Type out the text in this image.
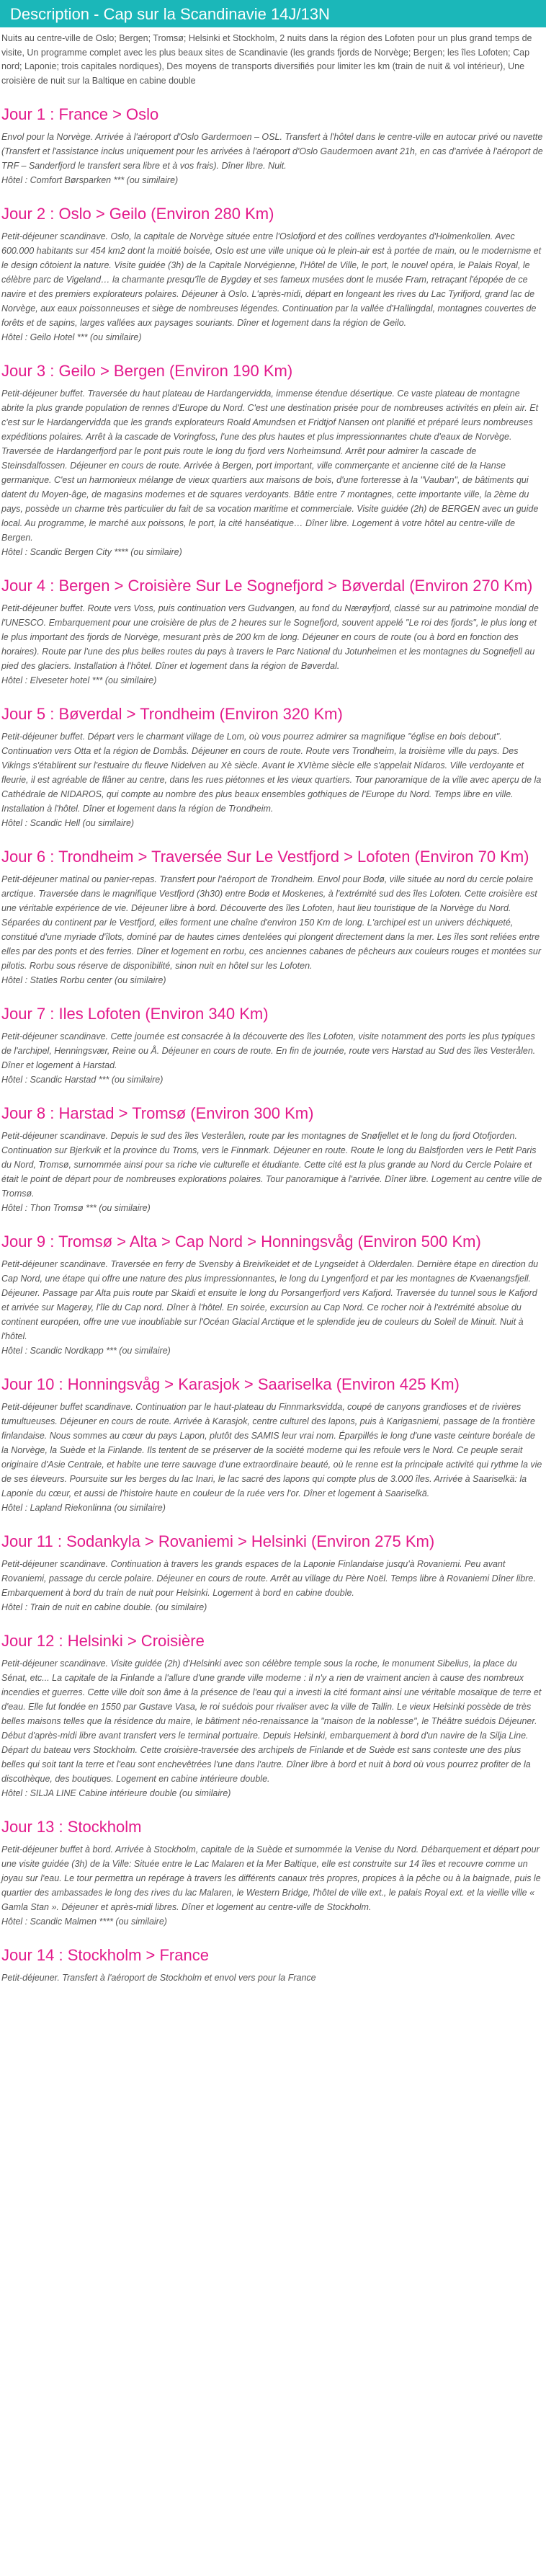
Description - Cap sur la Scandinavie 14J/13N

Nuits au centre-ville de Oslo; Bergen; Tromsø; Helsinki et Stockholm, 2 nuits dans la région des Lofoten pour un plus grand temps de visite, Un programme complet avec les plus beaux sites de Scandinavie (les grands fjords de Norvège; Bergen; les îles Lofoten; Cap nord; Laponie; trois capitales nordiques), Des moyens de transports diversifiés pour limiter les km (train de nuit & vol intérieur), Une croisière de nuit sur la Baltique en cabine double

Jour 1 : France > Oslo

Envol pour la Norvège. Arrivée à l'aéroport d'Oslo Gardermoen – OSL. Transfert à l'hôtel dans le centre-ville en autocar privé ou navette (Transfert et l'assistance inclus uniquement pour les arrivées à l'aéroport d'Oslo Gaudermoen avant 21h, en cas d'arrivée à l'aéroport de TRF – Sanderfjord le transfert sera libre et à vos frais). Dîner libre. Nuit.

Hôtel : Comfort Børsparken *** (ou similaire)

Jour 2 : Oslo > Geilo (Environ 280 Km)

Petit-déjeuner scandinave. Oslo, la capitale de Norvège située entre l'Oslofjord et des collines verdoyantes d'Holmenkollen. Avec 600.000 habitants sur 454 km2 dont la moitié boisée, Oslo est une ville unique où le plein-air est à portée de main, ou le modernisme et le design côtoient la nature. Visite guidée (3h) de la Capitale Norvégienne, l'Hôtel de Ville, le port, le nouvel opéra, le Palais Royal, le célèbre parc de Vigeland… la charmante presqu'île de Bygdøy et ses fameux musées dont le musée Fram, retraçant l'épopée de ce navire et des premiers explorateurs polaires. Déjeuner à Oslo. L'après-midi, départ en longeant les rives du Lac Tyrifjord, grand lac de Norvège, aux eaux poissonneuses et siège de nombreuses légendes. Continuation par la vallée d'Hallingdal, montagnes couvertes de forêts et de sapins, larges vallées aux paysages souriants. Dîner et logement dans la région de Geilo.

Hôtel : Geilo Hotel *** (ou similaire)

Jour 3 : Geilo > Bergen (Environ 190 Km)

Petit-déjeuner buffet. Traversée du haut plateau de Hardangervidda, immense étendue désertique. Ce vaste plateau de montagne abrite la plus grande population de rennes d'Europe du Nord. C'est une destination prisée pour de nombreuses activités en plein air. Et c'est sur le Hardangervidda que les grands explorateurs Roald Amundsen et Fridtjof Nansen ont planifié et préparé leurs nombreuses expéditions polaires. Arrêt à la cascade de Voringfoss, l'une des plus hautes et plus impressionnantes chute d'eaux de Norvège. Traversée de Hardangerfjord par le pont puis route le long du fjord vers Norheimsund. Arrêt pour admirer la cascade de Steinsdalfossen. Déjeuner en cours de route. Arrivée à Bergen, port important, ville commerçante et ancienne cité de la Hanse germanique. C'est un harmonieux mélange de vieux quartiers aux maisons de bois, d'une forteresse à la "Vauban", de bâtiments qui datent du Moyen-âge, de magasins modernes et de squares verdoyants. Bâtie entre 7 montagnes, cette importante ville, la 2ème du pays, possède un charme très particulier du fait de sa vocation maritime et commerciale. Visite guidée (2h) de BERGEN avec un guide local. Au programme, le marché aux poissons, le port, la cité hanséatique… Dîner libre. Logement à votre hôtel au centre-ville de Bergen.

Hôtel : Scandic Bergen City **** (ou similaire)

Jour 4 : Bergen > Croisière Sur Le Sognefjord > Bøverdal (Environ 270 Km)

Petit-déjeuner buffet. Route vers Voss, puis continuation vers Gudvangen, au fond du Nærøyfjord, classé sur au patrimoine mondial de l'UNESCO. Embarquement pour une croisière de plus de 2 heures sur le Sognefjord, souvent appelé "Le roi des fjords", le plus long et le plus important des fjords de Norvège, mesurant près de 200 km de long. Déjeuner en cours de route (ou à bord en fonction des horaires). Route par l'une des plus belles routes du pays à travers le Parc National du Jotunheimen et les montagnes du Sognefjell au pied des glaciers. Installation à l'hôtel. Dîner et logement dans la région de Bøverdal.

Hôtel : Elveseter hotel *** (ou similaire)

Jour 5 : Bøverdal > Trondheim (Environ 320 Km)

Petit-déjeuner buffet. Départ vers le charmant village de Lom, où vous pourrez admirer sa magnifique "église en bois debout". Continuation vers Otta et la région de Dombås. Déjeuner en cours de route. Route vers Trondheim, la troisième ville du pays. Des Vikings s'établirent sur l'estuaire du fleuve Nidelven au Xè siècle. Avant le XVIème siècle elle s'appelait Nidaros. Ville verdoyante et fleurie, il est agréable de flâner au centre, dans les rues piétonnes et les vieux quartiers. Tour panoramique de la ville avec aperçu de la Cathédrale de NIDAROS, qui compte au nombre des plus beaux ensembles gothiques de l'Europe du Nord. Temps libre en ville. Installation à l'hôtel. Dîner et logement dans la région de Trondheim.

Hôtel : Scandic Hell (ou similaire)

Jour 6 : Trondheim > Traversée Sur Le Vestfjord > Lofoten (Environ 70 Km)

Petit-déjeuner matinal ou panier-repas. Transfert pour l'aéroport de Trondheim. Envol pour Bodø, ville située au nord du cercle polaire arctique. Traversée dans le magnifique Vestfjord (3h30) entre Bodø et Moskenes, à l'extrémité sud des îles Lofoten. Cette croisière est une véritable expérience de vie. Déjeuner libre à bord. Découverte des îles Lofoten, haut lieu touristique de la Norvège du Nord. Séparées du continent par le Vestfjord, elles forment une chaîne d'environ 150 Km de long. L'archipel est un univers déchiqueté, constitué d'une myriade d'îlots, dominé par de hautes cimes dentelées qui plongent directement dans la mer. Les îles sont reliées entre elles par des ponts et des ferries. Dîner et logement en rorbu, ces anciennes cabanes de pêcheurs aux couleurs rouges et montées sur pilotis. Rorbu sous réserve de disponibilité, sinon nuit en hôtel sur les Lofoten.

Hôtel : Statles Rorbu center (ou similaire)

Jour 7 : Iles Lofoten (Environ 340 Km)

Petit-déjeuner scandinave. Cette journée est consacrée à la découverte des îles Lofoten, visite notamment des ports les plus typiques de l'archipel, Henningsvær, Reine ou Å. Déjeuner en cours de route. En fin de journée, route vers Harstad au Sud des îles Vesterålen. Dîner et logement à Harstad.

Hôtel : Scandic Harstad *** (ou similaire)

Jour 8 : Harstad > Tromsø (Environ 300 Km)

Petit-déjeuner scandinave. Depuis le sud des îles Vesterålen, route par les montagnes de Snøfjellet et le long du fjord Otofjorden. Continuation sur Bjerkvik et la province du Troms, vers le Finnmark. Déjeuner en route. Route le long du Balsfjorden vers le Petit Paris du Nord, Tromsø, surnommée ainsi pour sa riche vie culturelle et étudiante. Cette cité est la plus grande au Nord du Cercle Polaire et était le point de départ pour de nombreuses explorations polaires. Tour panoramique à l'arrivée. Dîner libre. Logement au centre ville de Tromsø.

Hôtel : Thon Tromsø *** (ou similaire)

Jour 9 : Tromsø > Alta > Cap Nord > Honningsvåg (Environ 500 Km)

Petit-déjeuner scandinave. Traversée en ferry de Svensby à Breivikeidet et de Lyngseidet à Olderdalen. Dernière étape en direction du Cap Nord, une étape qui offre une nature des plus impressionnantes, le long du Lyngenfjord et par les montagnes de Kvaenangsfjell. Déjeuner. Passage par Alta puis route par Skaidi et ensuite le long du Porsangerfjord vers Kafjord. Traversée du tunnel sous le Kafjord et arrivée sur Magerøy, l'île du Cap nord. Dîner à l'hôtel. En soirée, excursion au Cap Nord. Ce rocher noir à l'extrémité absolue du continent européen, offre une vue inoubliable sur l'Océan Glacial Arctique et le splendide jeu de couleurs du Soleil de Minuit. Nuit à l'hôtel.

Hôtel : Scandic Nordkapp *** (ou similaire)

Jour 10 : Honningsvåg > Karasjok > Saariselka (Environ 425 Km)

Petit-déjeuner buffet scandinave. Continuation par le haut-plateau du Finnmarksvidda, coupé de canyons grandioses et de rivières tumultueuses. Déjeuner en cours de route. Arrivée à Karasjok, centre culturel des lapons, puis à Karigasniemi, passage de la frontière finlandaise. Nous sommes au cœur du pays Lapon, plutôt des SAMIS leur vrai nom. Éparpillés le long d'une vaste ceinture boréale de la Norvège, la Suède et la Finlande. Ils tentent de se préserver de la société moderne qui les refoule vers le Nord. Ce peuple serait originaire d'Asie Centrale, et habite une terre sauvage d'une extraordinaire beauté, où le renne est la principale activité qui rythme la vie de ses éleveurs. Poursuite sur les berges du lac Inari, le lac sacré des lapons qui compte plus de 3.000 îles. Arrivée à Saariselkä: la Laponie du cœur, et aussi de l'histoire haute en couleur de la ruée vers l'or. Dîner et logement à Saariselkä.

Hôtel : Lapland Riekonlinna (ou similaire)

Jour 11 : Sodankyla > Rovaniemi > Helsinki (Environ 275 Km)

Petit-déjeuner scandinave. Continuation à travers les grands espaces de la Laponie Finlandaise jusqu'à Rovaniemi. Peu avant Rovaniemi, passage du cercle polaire. Déjeuner en cours de route. Arrêt au village du Père Noël. Temps libre à Rovaniemi Dîner libre. Embarquement à bord du train de nuit pour Helsinki. Logement à bord en cabine double.

Hôtel : Train de nuit en cabine double. (ou similaire)

Jour 12 : Helsinki > Croisière

Petit-déjeuner scandinave. Visite guidée (2h) d'Helsinki avec son célèbre temple sous la roche, le monument Sibelius, la place du Sénat, etc... La capitale de la Finlande a l'allure d'une grande ville moderne : il n'y a rien de vraiment ancien à cause des nombreux incendies et guerres. Cette ville doit son âme à la présence de l'eau qui a investi la cité formant ainsi une véritable mosaïque de terre et d'eau. Elle fut fondée en 1550 par Gustave Vasa, le roi suédois pour rivaliser avec la ville de Tallin. Le vieux Helsinki possède de très belles maisons telles que la résidence du maire, le bâtiment néo-renaissance la "maison de la noblesse", le Théâtre suédois Déjeuner. Début d'après-midi libre avant transfert vers le terminal portuaire. Depuis Helsinki, embarquement à bord d'un navire de la Silja Line. Départ du bateau vers Stockholm. Cette croisière-traversée des archipels de Finlande et de Suède est sans conteste une des plus belles qui soit tant la terre et l'eau sont enchevêtrées l'une dans l'autre. Dîner libre à bord et nuit à bord où vous pourrez profiter de la discothèque, des boutiques. Logement en cabine intérieure double.

Hôtel : SILJA LINE Cabine intérieure double (ou similaire)

Jour 13 : Stockholm

Petit-déjeuner buffet à bord. Arrivée à Stockholm, capitale de la Suède et surnommée la Venise du Nord. Débarquement et départ pour une visite guidée (3h) de la Ville: Située entre le Lac Malaren et la Mer Baltique, elle est construite sur 14 îles et recouvre comme un joyau sur l'eau. Le tour permettra un repérage à travers les différents canaux très propres, propices à la pêche ou à la baignade, puis le quartier des ambassades le long des rives du lac Malaren, le Western Bridge, l'hôtel de ville ext., le palais Royal ext. et la vieille ville « Gamla Stan ». Déjeuner et après-midi libres. Dîner et logement au centre-ville de Stockholm.

Hôtel : Scandic Malmen **** (ou similaire)

Jour 14 : Stockholm > France

Petit-déjeuner. Transfert à l'aéroport de Stockholm et envol vers pour la France
